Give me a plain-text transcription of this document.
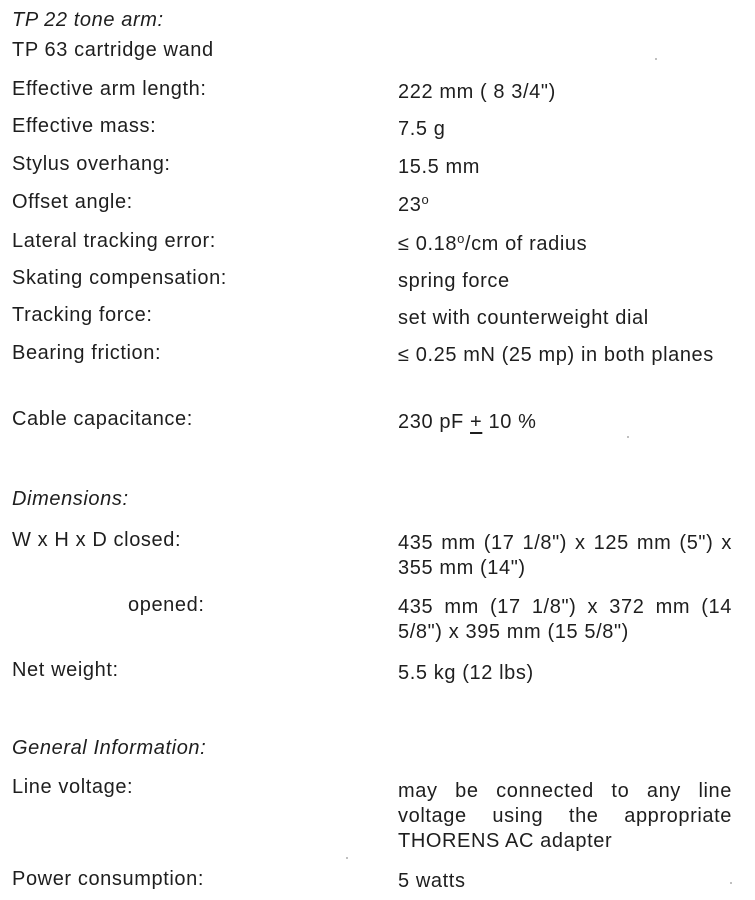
TP 22 tone arm:
TP 63 cartridge wand
Effective arm length:	222 mm ( 8 3/4")
Effective mass:	7.5 g
Stylus overhang:	15.5 mm
Offset angle:	23$^o$
Lateral tracking error:	≤ $0.18^o/cm$ of radius
Skating compensation:	spring force
Tracking force:	set with counterweight dial
Bearing friction:	≤ 0.25 mN (25 mp) in both planes
Cable capacitance:	230 pF + 10 %
Dimensions:
W x H x D closed:	435 mm (17 1/8") x 125 mm (5") x 355 mm (14")
opened:	435 mm (17 1/8") x 372 mm (14 5/8") x 395 mm (15 5/8")
Net weight:	5.5 kg (12 lbs)
General Information:
Line voltage:	may be connected to any line voltage using the appropriate THORENS AC adapter
Power consumption:	5 watts
